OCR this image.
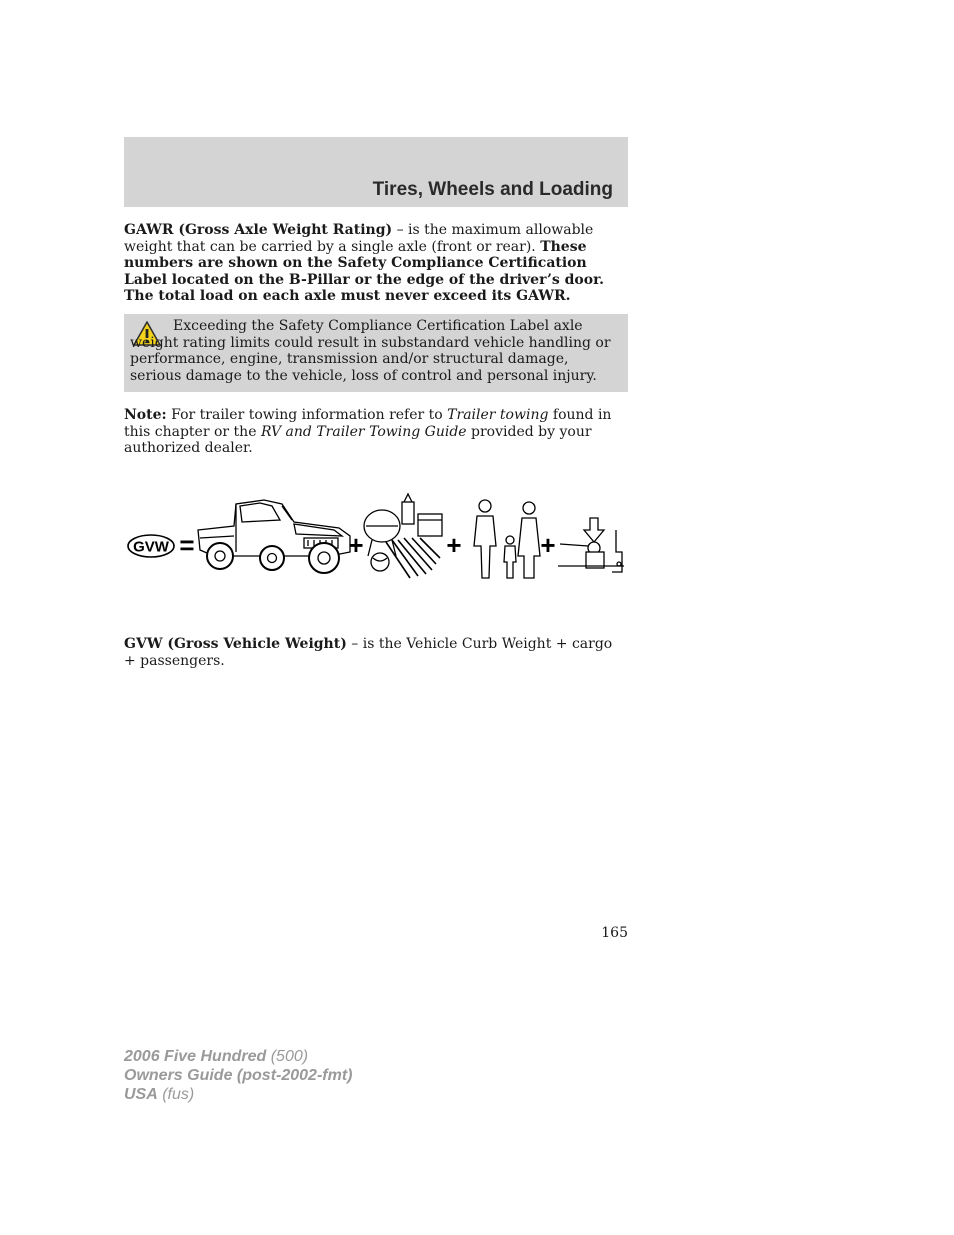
Tires, Wheels and Loading

GAWR (Gross Axle Weight Rating) – is the maximum allowable weight that can be carried by a single axle (front or rear). These numbers are shown on the Safety Compliance Certification Label located on the B-Pillar or the edge of the driver’s door. The total load on each axle must never exceed its GAWR.

Exceeding the Safety Compliance Certification Label axle weight rating limits could result in substandard vehicle handling or performance, engine, transmission and/or structural damage, serious damage to the vehicle, loss of control and personal injury.

Note: For trailer towing information refer to Trailer towing found in this chapter or the RV and Trailer Towing Guide provided by your authorized dealer.

GVW =	+	+	+

GVW (Gross Vehicle Weight) – is the Vehicle Curb Weight + cargo + passengers.

165

2006 Five Hundred (500)
Owners Guide (post-2002-fmt)
USA (fus)
